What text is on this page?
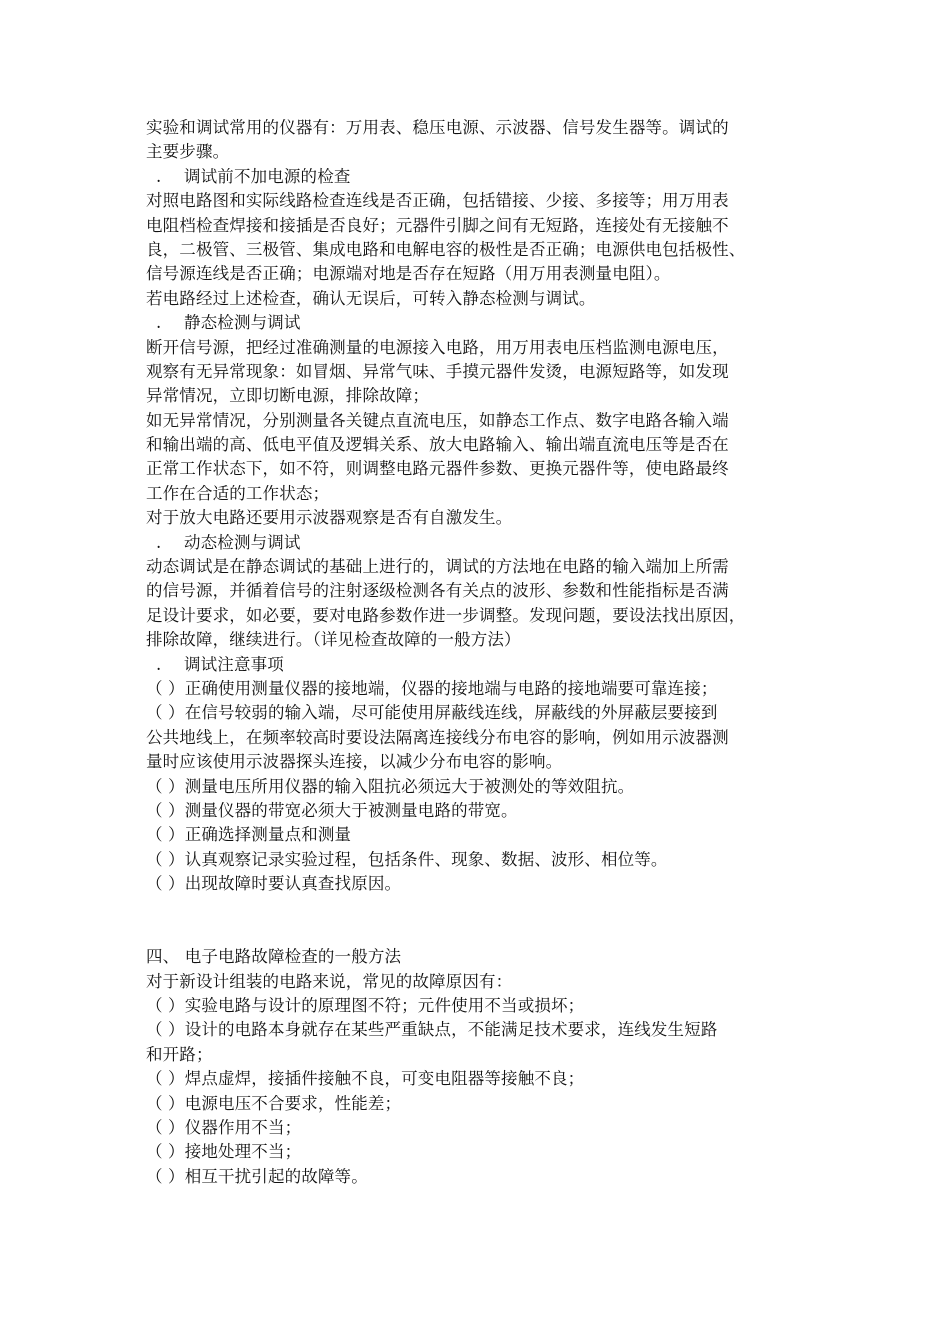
实验和调试常用的仪器有：万用表、稳压电源、示波器、信号发生器等。调试的
主要步骤。
. 调试前不加电源的检查
对照电路图和实际线路检查连线是否正确，包括错接、少接、多接等；用万用表
电阻档检查焊接和接插是否良好；元器件引脚之间有无短路，连接处有无接触不
良，二极管、三极管、集成电路和电解电容的极性是否正确；电源供电包括极性、
信号源连线是否正确；电源端对地是否存在短路（用万用表测量电阻）。
若电路经过上述检查，确认无误后，可转入静态检测与调试。
. 静态检测与调试
断开信号源，把经过准确测量的电源接入电路，用万用表电压档监测电源电压，
观察有无异常现象：如冒烟、异常气味、手摸元器件发烫，电源短路等，如发现
异常情况，立即切断电源，排除故障；
如无异常情况，分别测量各关键点直流电压，如静态工作点、数字电路各输入端
和输出端的高、低电平值及逻辑关系、放大电路输入、输出端直流电压等是否在
正常工作状态下，如不符，则调整电路元器件参数、更换元器件等，使电路最终
工作在合适的工作状态；
对于放大电路还要用示波器观察是否有自激发生。
. 动态检测与调试
动态调试是在静态调试的基础上进行的，调试的方法地在电路的输入端加上所需
的信号源，并循着信号的注射逐级检测各有关点的波形、参数和性能指标是否满
足设计要求，如必要，要对电路参数作进一步调整。发现问题，要设法找出原因，
排除故障，继续进行。（详见检查故障的一般方法）
. 调试注意事项
（ ）正确使用测量仪器的接地端，仪器的接地端与电路的接地端要可靠连接；
（ ）在信号较弱的输入端，尽可能使用屏蔽线连线，屏蔽线的外屏蔽层要接到
公共地线上，在频率较高时要设法隔离连接线分布电容的影响，例如用示波器测
量时应该使用示波器探头连接，以减少分布电容的影响。
（ ）测量电压所用仪器的输入阻抗必须远大于被测处的等效阻抗。
（ ）测量仪器的带宽必须大于被测量电路的带宽。
（ ）正确选择测量点和测量
（ ）认真观察记录实验过程，包括条件、现象、数据、波形、相位等。
（ ）出现故障时要认真查找原因。
四、 电子电路故障检查的一般方法
对于新设计组装的电路来说，常见的故障原因有：
（ ）实验电路与设计的原理图不符；元件使用不当或损坏；
（ ）设计的电路本身就存在某些严重缺点，不能满足技术要求，连线发生短路
和开路；
（ ）焊点虚焊，接插件接触不良，可变电阻器等接触不良；
（ ）电源电压不合要求，性能差；
（ ）仪器作用不当；
（ ）接地处理不当；
（ ）相互干扰引起的故障等。
